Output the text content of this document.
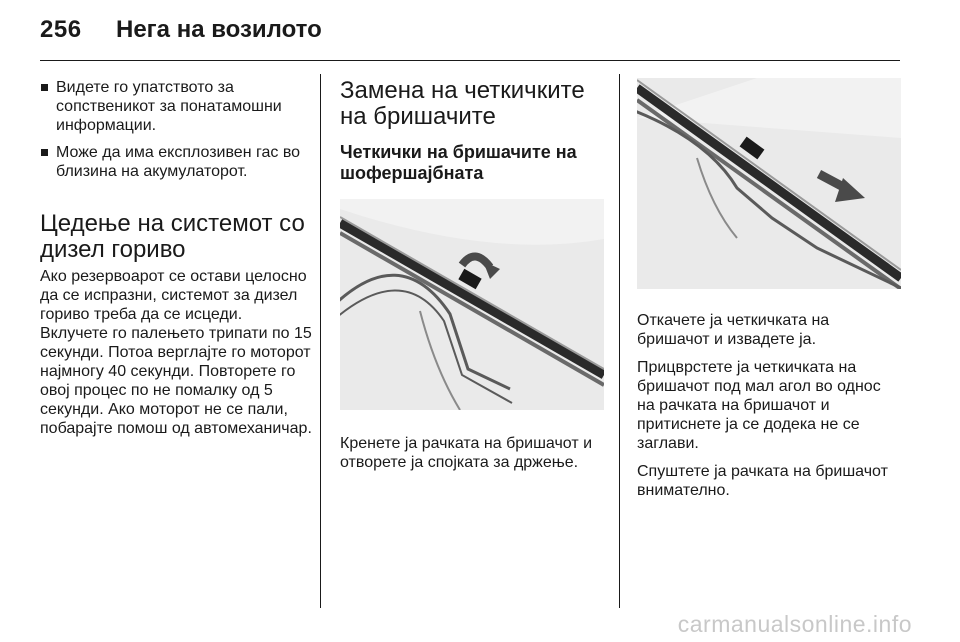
256 Нега на возилото
Видете го упатството за сопственикот за понатамошни информации.
Може да има експлозивен гас во близина на акумулаторот.
Цедење на системот со дизел гориво

Ако резервоарот се остави целосно да се испразни, системот за дизел гориво треба да се исцеди. Вклучете го палењето трипати по 15 секунди. Потоа верглајте го моторот најмногу 40 секунди. Повторете го овој процес по не помалку од 5 секунди. Ако моторот не се пали, побарајте помош од автомеханичар.

Замена на четкичките на бришачите
Четкички на бришачите на шофершајбната

Кренете ја рачката на бришачот и отворете ја спојката за држење.

Откачете ја четкичката на бришачот и извадете ја.

Прицврстете ја четкичката на бришачот под мал агол во однос на рачката на бришачот и притиснете ја се додека не се заглави.

Спуштете ја рачката на бришачот внимателно.

carmanualsonline.info
